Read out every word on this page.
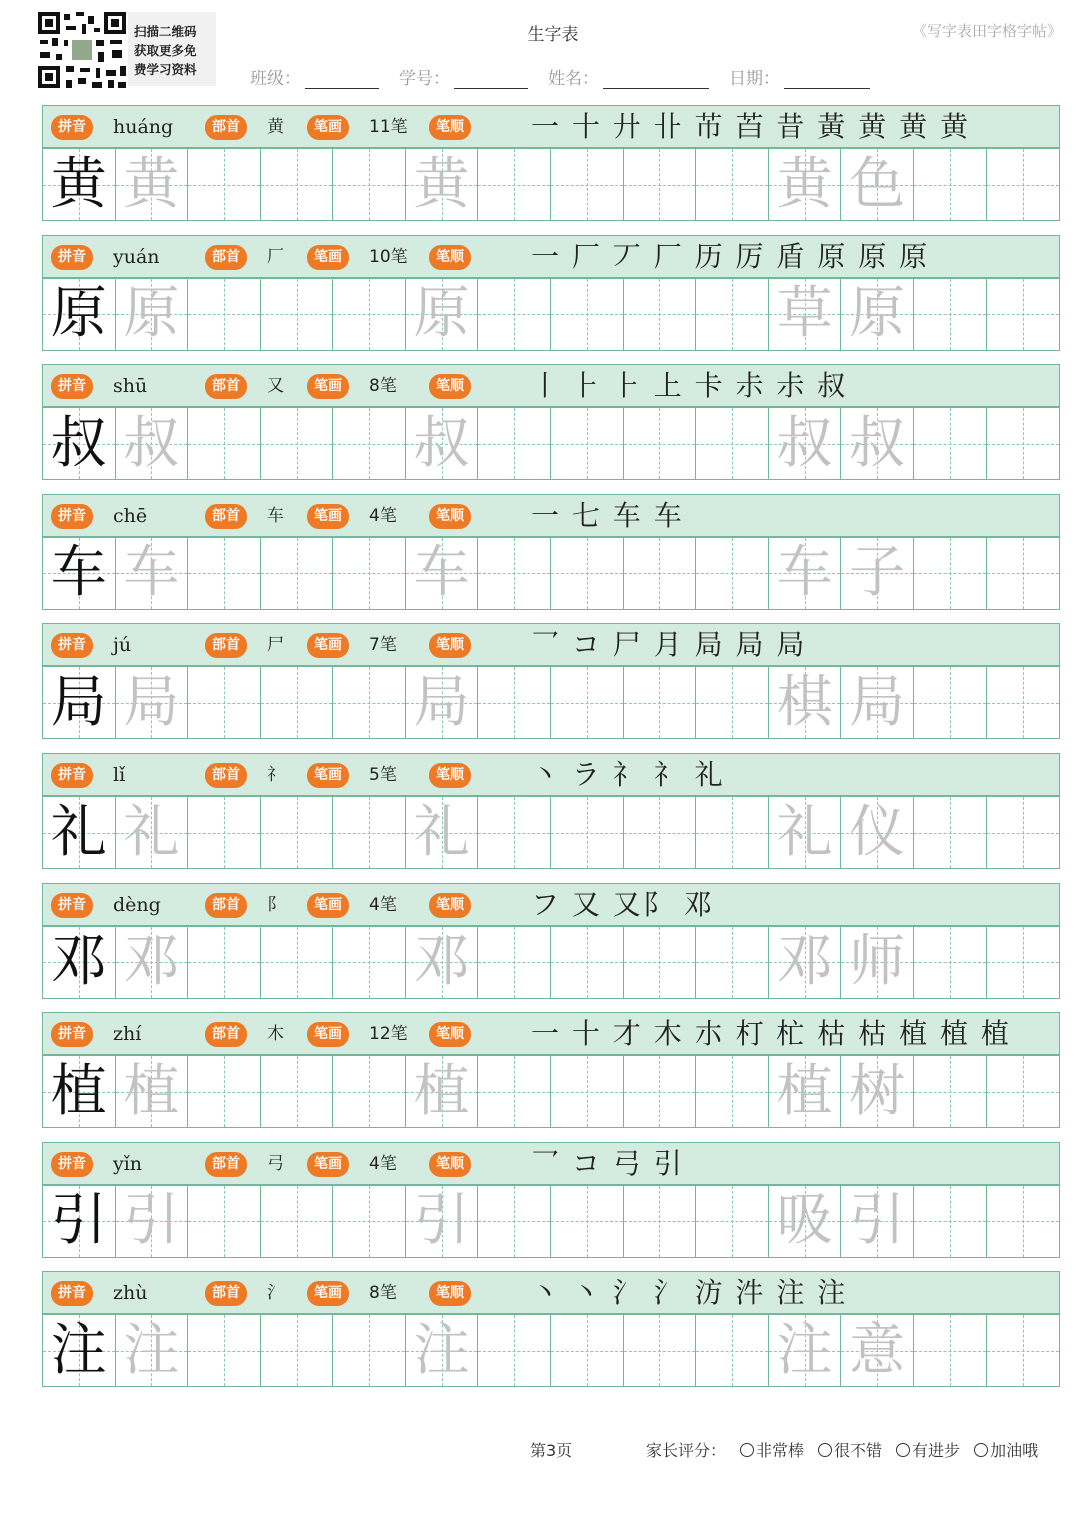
扫描二维码
获取更多免
费学习资料
生字表	《写字表田字格字帖》
班级：	学号：	姓名：	日期：
拼音	huáng	部首	黄	笔画	11笔	笔顺 一 十 廾 卝 芇 苩 昔 黃 黄 黄 黄
黄 黄	黄	黄 色
拼音	yuán	部首	厂	笔画	10笔	笔顺 一 厂 丆 厂 历 厉 盾 原 原 原
原 原	原	草 原
拼音	shū	部首	又	笔画	8笔	笔顺 丨 ⺊ ⺊ 上 卡 尗 尗 叔
叔 叔	叔	叔 叔
拼音	chē	部首	车	笔画	4笔	笔顺 一 七 车 车
车 车	车	车 子
拼音	jú	部首	尸	笔画	7笔	笔顺 乛 コ 尸 月 局 局 局
局 局	局	棋 局
拼音	lǐ	部首	礻	笔画	5笔	笔顺 丶 ラ 礻 礻 礼
礼 礼	礼	礼 仪
拼音	dèng	部首	阝	笔画	4笔	笔顺 フ 又 又阝 邓
邓 邓	邓	邓 师
拼音	zhí	部首	木	笔画	12笔	笔顺 一 十 才 木 朩 朾 杧 枯 枯 植 植 植
植 植	植	植 树
拼音	yǐn	部首	弓	笔画	4笔	笔顺 乛 コ 弓 引
引 引	引	吸 引
拼音	zhù	部首	氵	笔画	8笔	笔顺 丶 丶 氵 氵 汸 汼 注 注
注 注	注	注 意
第3页	家长评分： 非常棒 很不错 有进步 加油哦
